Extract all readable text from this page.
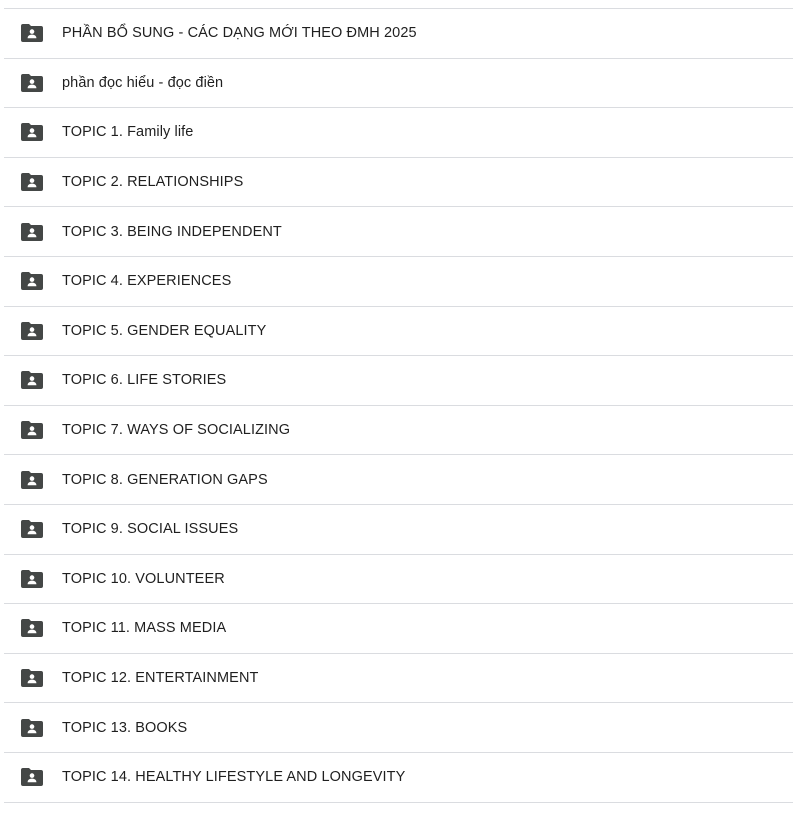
PHẦN BỔ SUNG - CÁC DẠNG MỚI THEO ĐMH 2025
phần đọc hiểu - đọc điền
TOPIC 1. Family life
TOPIC 2. RELATIONSHIPS
TOPIC 3. BEING INDEPENDENT
TOPIC 4. EXPERIENCES
TOPIC 5. GENDER EQUALITY
TOPIC 6. LIFE STORIES
TOPIC 7. WAYS OF SOCIALIZING
TOPIC 8. GENERATION GAPS
TOPIC 9. SOCIAL ISSUES
TOPIC 10. VOLUNTEER
TOPIC 11. MASS MEDIA
TOPIC 12. ENTERTAINMENT
TOPIC 13. BOOKS
TOPIC 14. HEALTHY LIFESTYLE AND LONGEVITY
